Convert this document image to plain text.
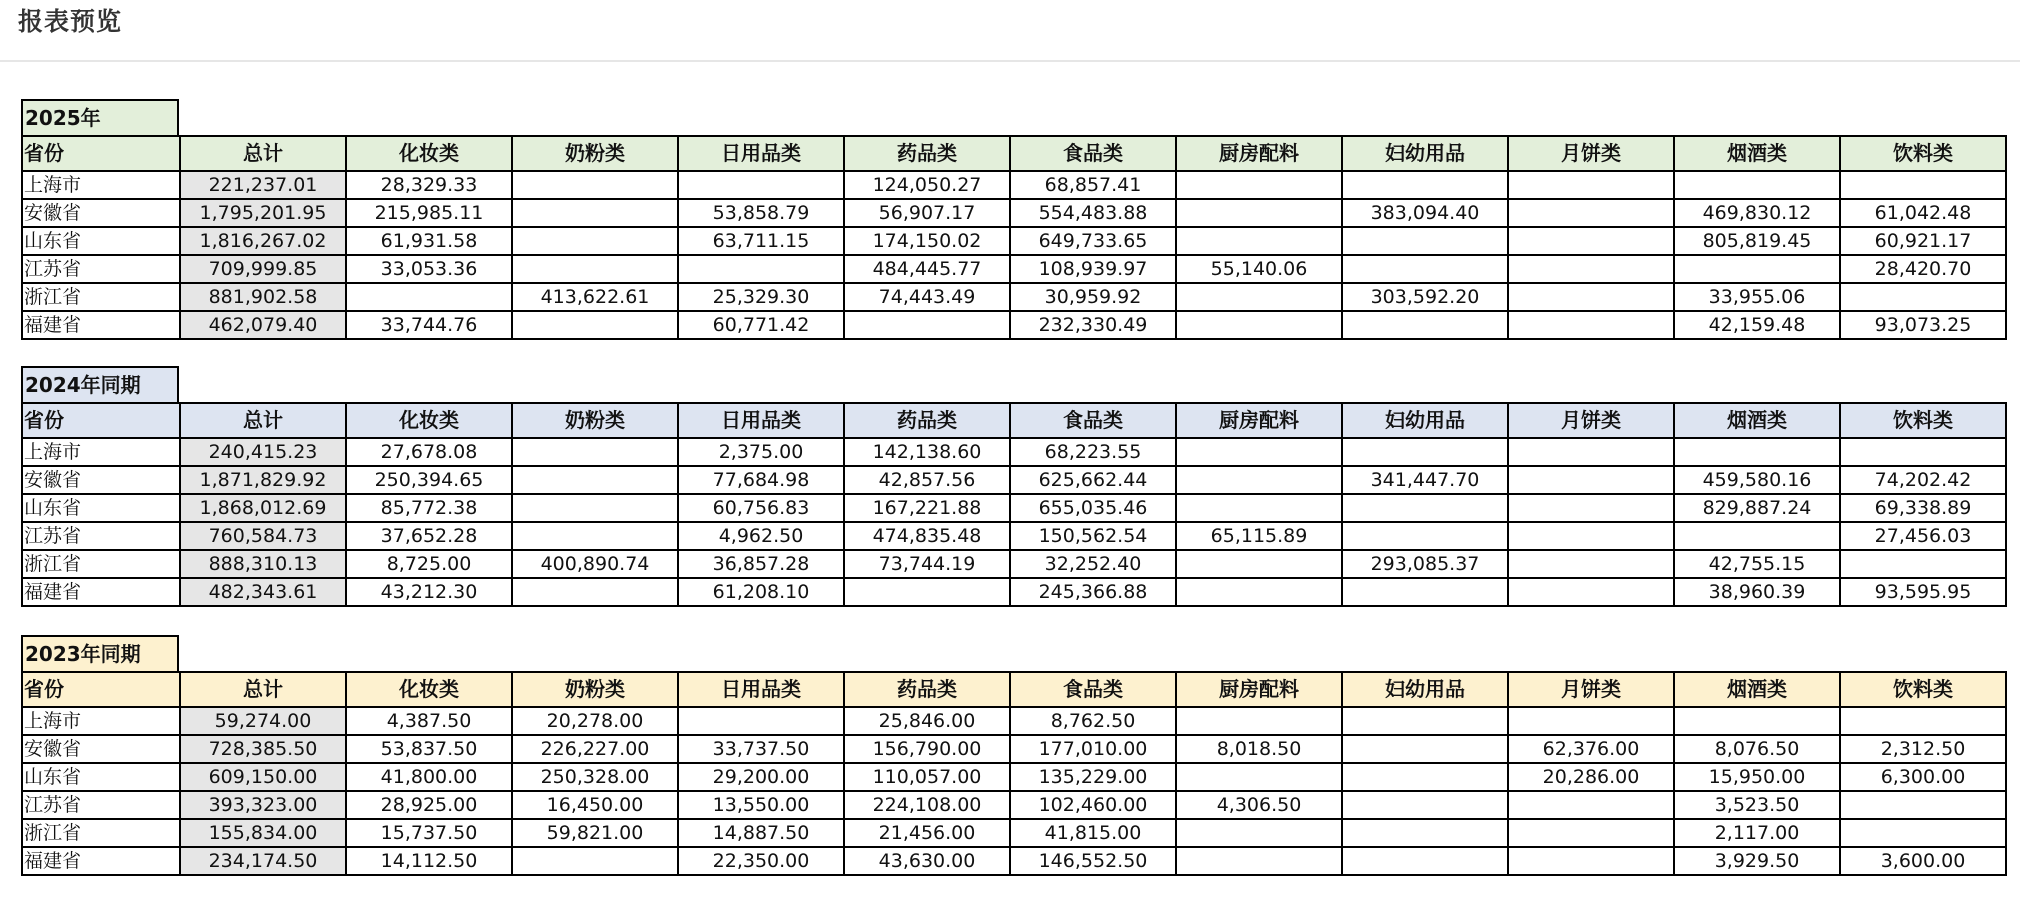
报表预览
2025年
省份	总计	化妆类	奶粉类	日用品类	药品类	食品类	厨房配料	妇幼用品	月饼类	烟酒类	饮料类
上海市	221,237.01	28,329.33			124,050.27	68,857.41					
安徽省	1,795,201.95	215,985.11		53,858.79	56,907.17	554,483.88		383,094.40		469,830.12	61,042.48
山东省	1,816,267.02	61,931.58		63,711.15	174,150.02	649,733.65				805,819.45	60,921.17
江苏省	709,999.85	33,053.36			484,445.77	108,939.97	55,140.06				28,420.70
浙江省	881,902.58		413,622.61	25,329.30	74,443.49	30,959.92		303,592.20		33,955.06	
福建省	462,079.40	33,744.76		60,771.42		232,330.49				42,159.48	93,073.25
2024年同期
省份	总计	化妆类	奶粉类	日用品类	药品类	食品类	厨房配料	妇幼用品	月饼类	烟酒类	饮料类
上海市	240,415.23	27,678.08		2,375.00	142,138.60	68,223.55					
安徽省	1,871,829.92	250,394.65		77,684.98	42,857.56	625,662.44		341,447.70		459,580.16	74,202.42
山东省	1,868,012.69	85,772.38		60,756.83	167,221.88	655,035.46				829,887.24	69,338.89
江苏省	760,584.73	37,652.28		4,962.50	474,835.48	150,562.54	65,115.89				27,456.03
浙江省	888,310.13	8,725.00	400,890.74	36,857.28	73,744.19	32,252.40		293,085.37		42,755.15	
福建省	482,343.61	43,212.30		61,208.10		245,366.88				38,960.39	93,595.95
2023年同期
省份	总计	化妆类	奶粉类	日用品类	药品类	食品类	厨房配料	妇幼用品	月饼类	烟酒类	饮料类
上海市	59,274.00	4,387.50	20,278.00		25,846.00	8,762.50					
安徽省	728,385.50	53,837.50	226,227.00	33,737.50	156,790.00	177,010.00	8,018.50		62,376.00	8,076.50	2,312.50
山东省	609,150.00	41,800.00	250,328.00	29,200.00	110,057.00	135,229.00			20,286.00	15,950.00	6,300.00
江苏省	393,323.00	28,925.00	16,450.00	13,550.00	224,108.00	102,460.00	4,306.50			3,523.50	
浙江省	155,834.00	15,737.50	59,821.00	14,887.50	21,456.00	41,815.00				2,117.00	
福建省	234,174.50	14,112.50		22,350.00	43,630.00	146,552.50				3,929.50	3,600.00
